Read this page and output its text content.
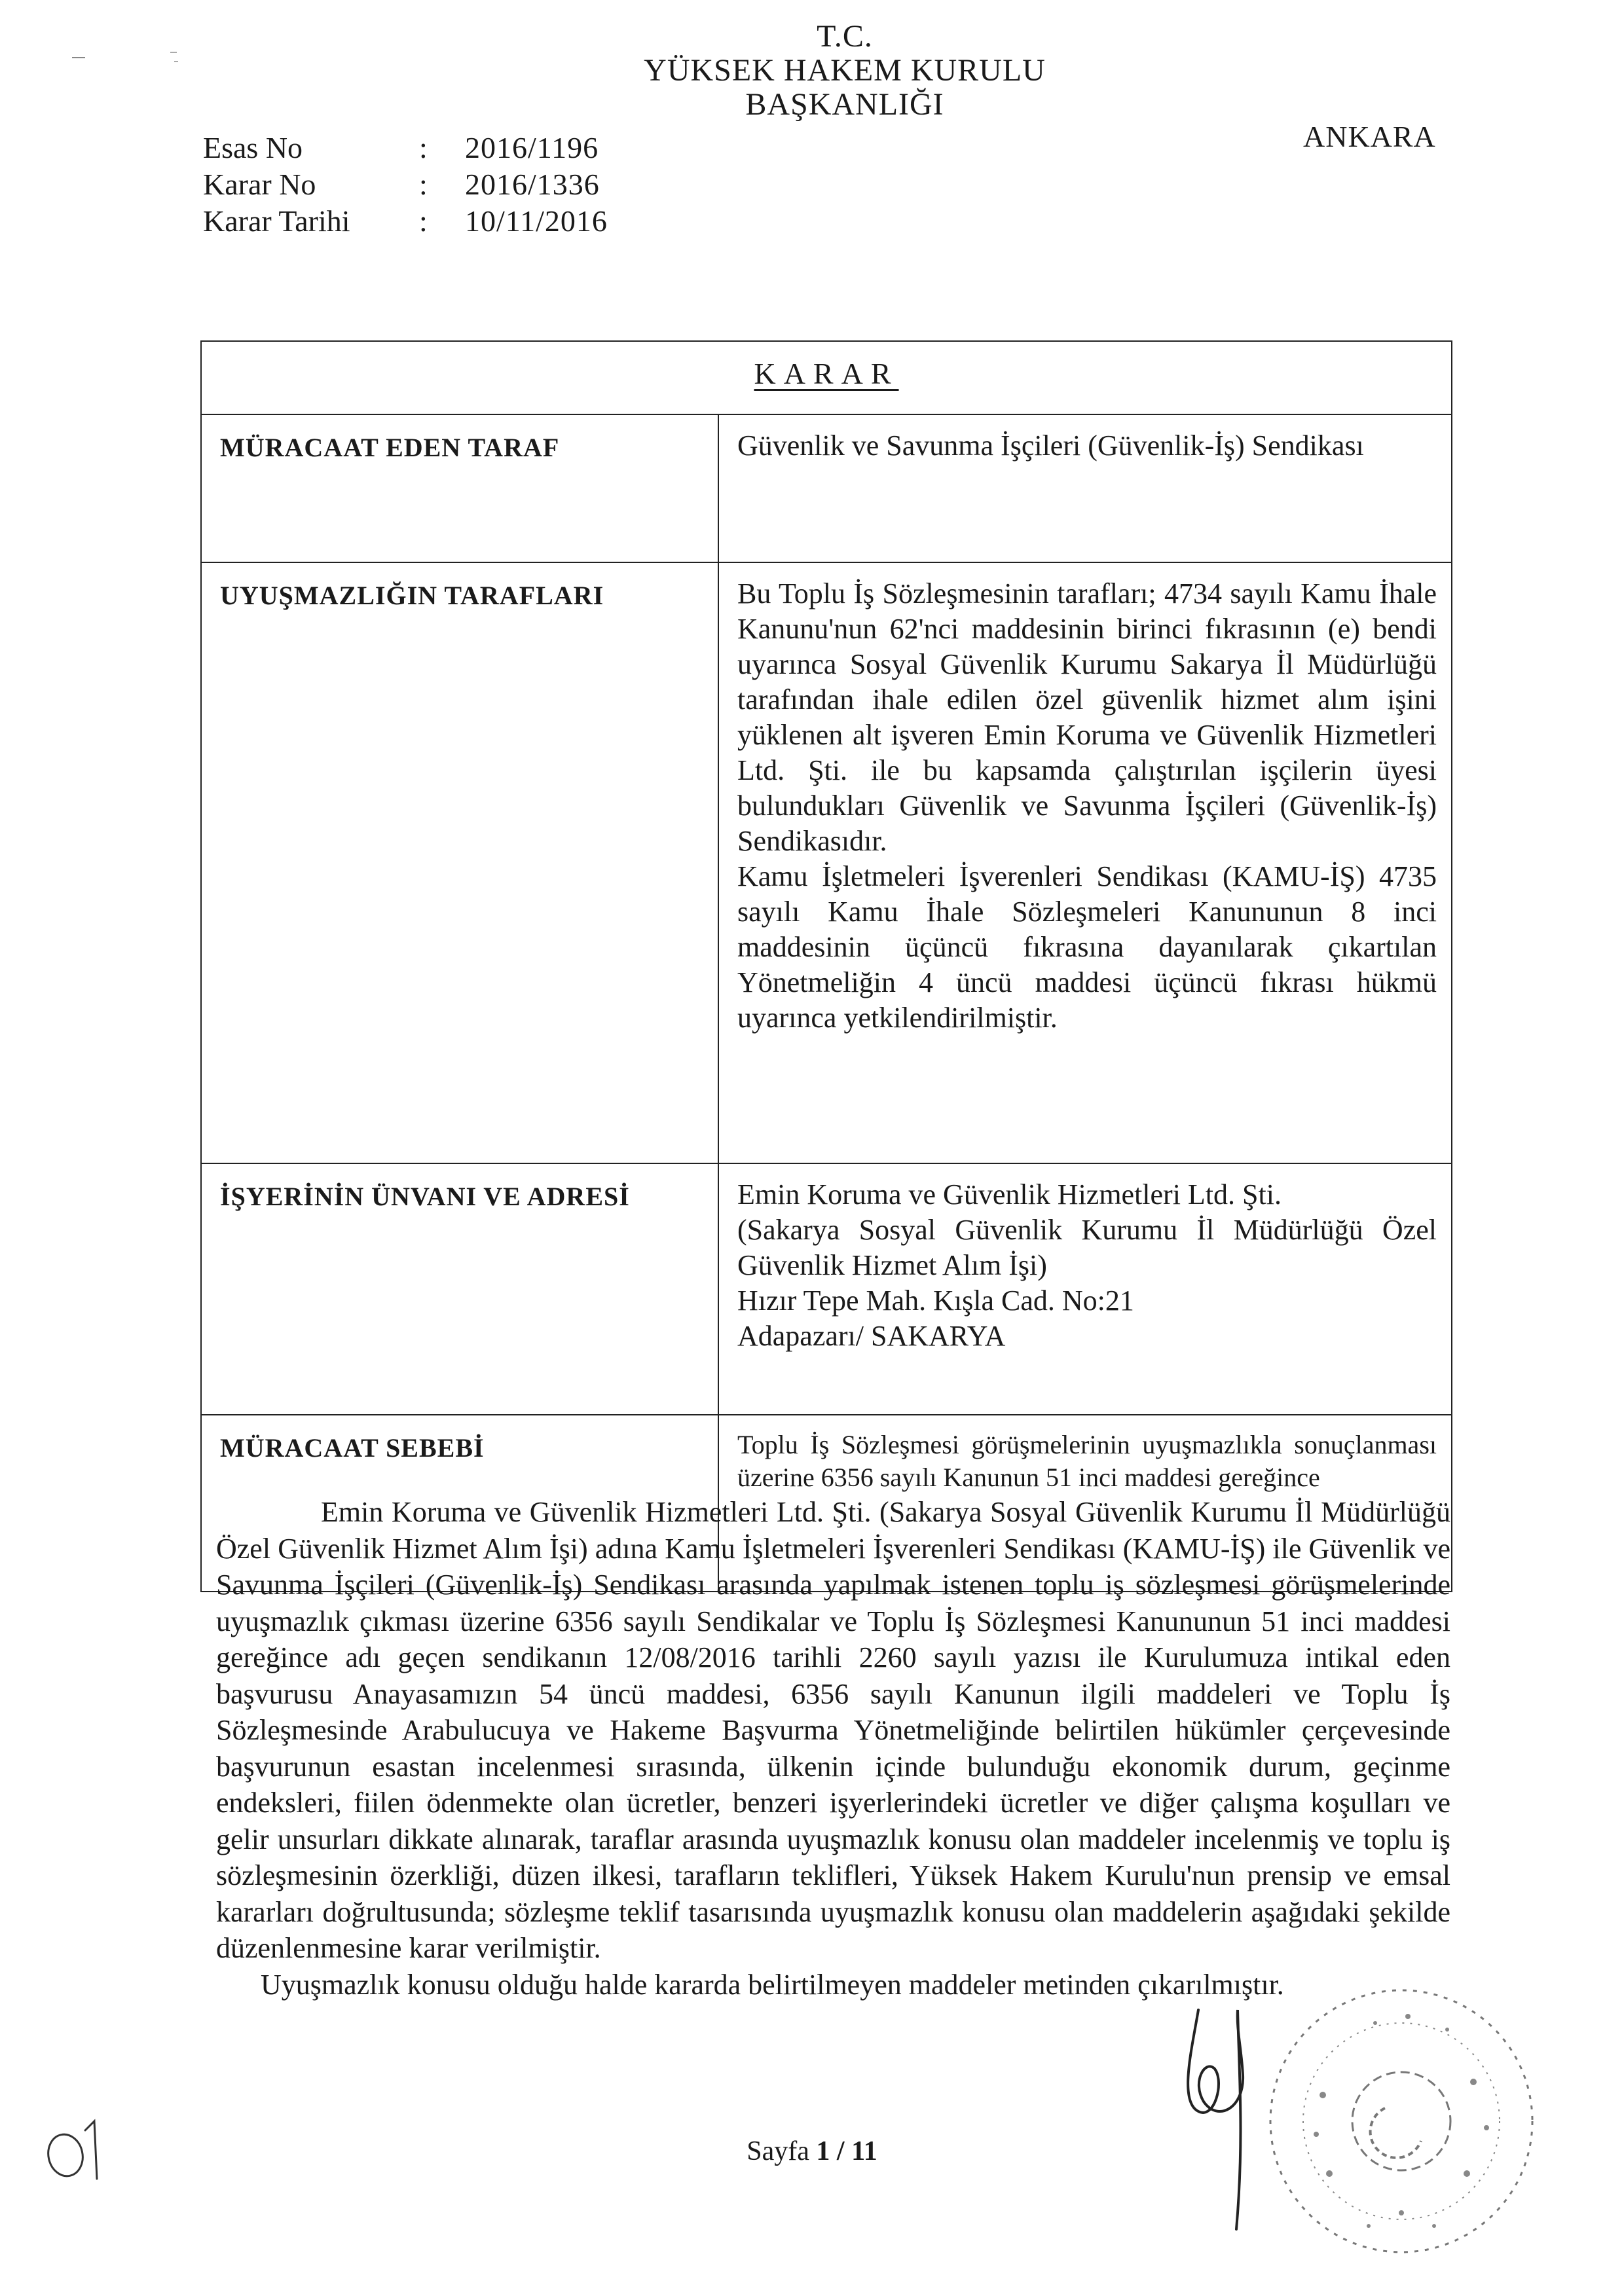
T.C.
YÜKSEK HAKEM KURULU
BAŞKANLIĞI
ANKARA
Esas No	:	2016/1196
Karar No	:	2016/1336
Karar Tarihi	:	10/11/2016
KARAR	
MÜRACAAT EDEN TARAF	Güvenlik ve Savunma İşçileri (Güvenlik-İş) Sendikası

UYUŞMAZLIĞIN TARAFLARI	Bu Toplu İş Sözleşmesinin tarafları; 4734 sayılı Kamu İhale Kanunu'nun 62'nci maddesinin birinci fıkrasının (e) bendi uyarınca Sosyal Güvenlik Kurumu Sakarya İl Müdürlüğü tarafından ihale edilen özel güvenlik hizmet alım işini yüklenen alt işveren Emin Koruma ve Güvenlik Hizmetleri Ltd. Şti. ile bu kapsamda çalıştırılan işçilerin üyesi bulundukları Güvenlik ve Savunma İşçileri (Güvenlik-İş) Sendikasıdır.

Kamu İşletmeleri İşverenleri Sendikası (KAMU-İŞ) 4735 sayılı Kamu İhale Sözleşmeleri Kanununun 8 inci maddesinin üçüncü fıkrasına dayanılarak çıkartılan Yönetmeliğin 4 üncü maddesi üçüncü fıkrası hükmü uyarınca yetkilendirilmiştir.

İŞYERİNİN ÜNVANI VE ADRESİ	Emin Koruma ve Güvenlik Hizmetleri Ltd. Şti.

(Sakarya Sosyal Güvenlik Kurumu İl Müdürlüğü Özel Güvenlik Hizmet Alım İşi)

Hızır Tepe Mah. Kışla Cad. No:21

Adapazarı/ SAKARYA

MÜRACAAT SEBEBİ	Toplu İş Sözleşmesi görüşmelerinin uyuşmazlıkla sonuçlanması üzerine 6356 sayılı Kanunun 51 inci maddesi gereğince

Emin Koruma ve Güvenlik Hizmetleri Ltd. Şti. (Sakarya Sosyal Güvenlik Kurumu İl Müdürlüğü Özel Güvenlik Hizmet Alım İşi) adına Kamu İşletmeleri İşverenleri Sendikası (KAMU-İŞ) ile Güvenlik ve Savunma İşçileri (Güvenlik-İş) Sendikası arasında yapılmak istenen toplu iş sözleşmesi görüşmelerinde uyuşmazlık çıkması üzerine 6356 sayılı Sendikalar ve Toplu İş Sözleşmesi Kanununun 51 inci maddesi gereğince adı geçen sendikanın 12/08/2016 tarihli 2260 sayılı yazısı ile Kurulumuza intikal eden başvurusu Anayasamızın 54 üncü maddesi, 6356 sayılı Kanunun ilgili maddeleri ve Toplu İş Sözleşmesinde Arabulucuya ve Hakeme Başvurma Yönetmeliğinde belirtilen hükümler çerçevesinde başvurunun esastan incelenmesi sırasında, ülkenin içinde bulunduğu ekonomik durum, geçinme endeksleri, fiilen ödenmekte olan ücretler, benzeri işyerlerindeki ücretler ve diğer çalışma koşulları ve gelir unsurları dikkate alınarak, taraflar arasında uyuşmazlık konusu olan maddeler incelenmiş ve toplu iş sözleşmesinin özerkliği, düzen ilkesi, tarafların teklifleri, Yüksek Hakem Kurulu'nun prensip ve emsal kararları doğrultusunda; sözleşme teklif tasarısında uyuşmazlık konusu olan maddelerin aşağıdaki şekilde düzenlenmesine karar verilmiştir.

Uyuşmazlık konusu olduğu halde kararda belirtilmeyen maddeler metinden çıkarılmıştır.

Sayfa 1 / 11
